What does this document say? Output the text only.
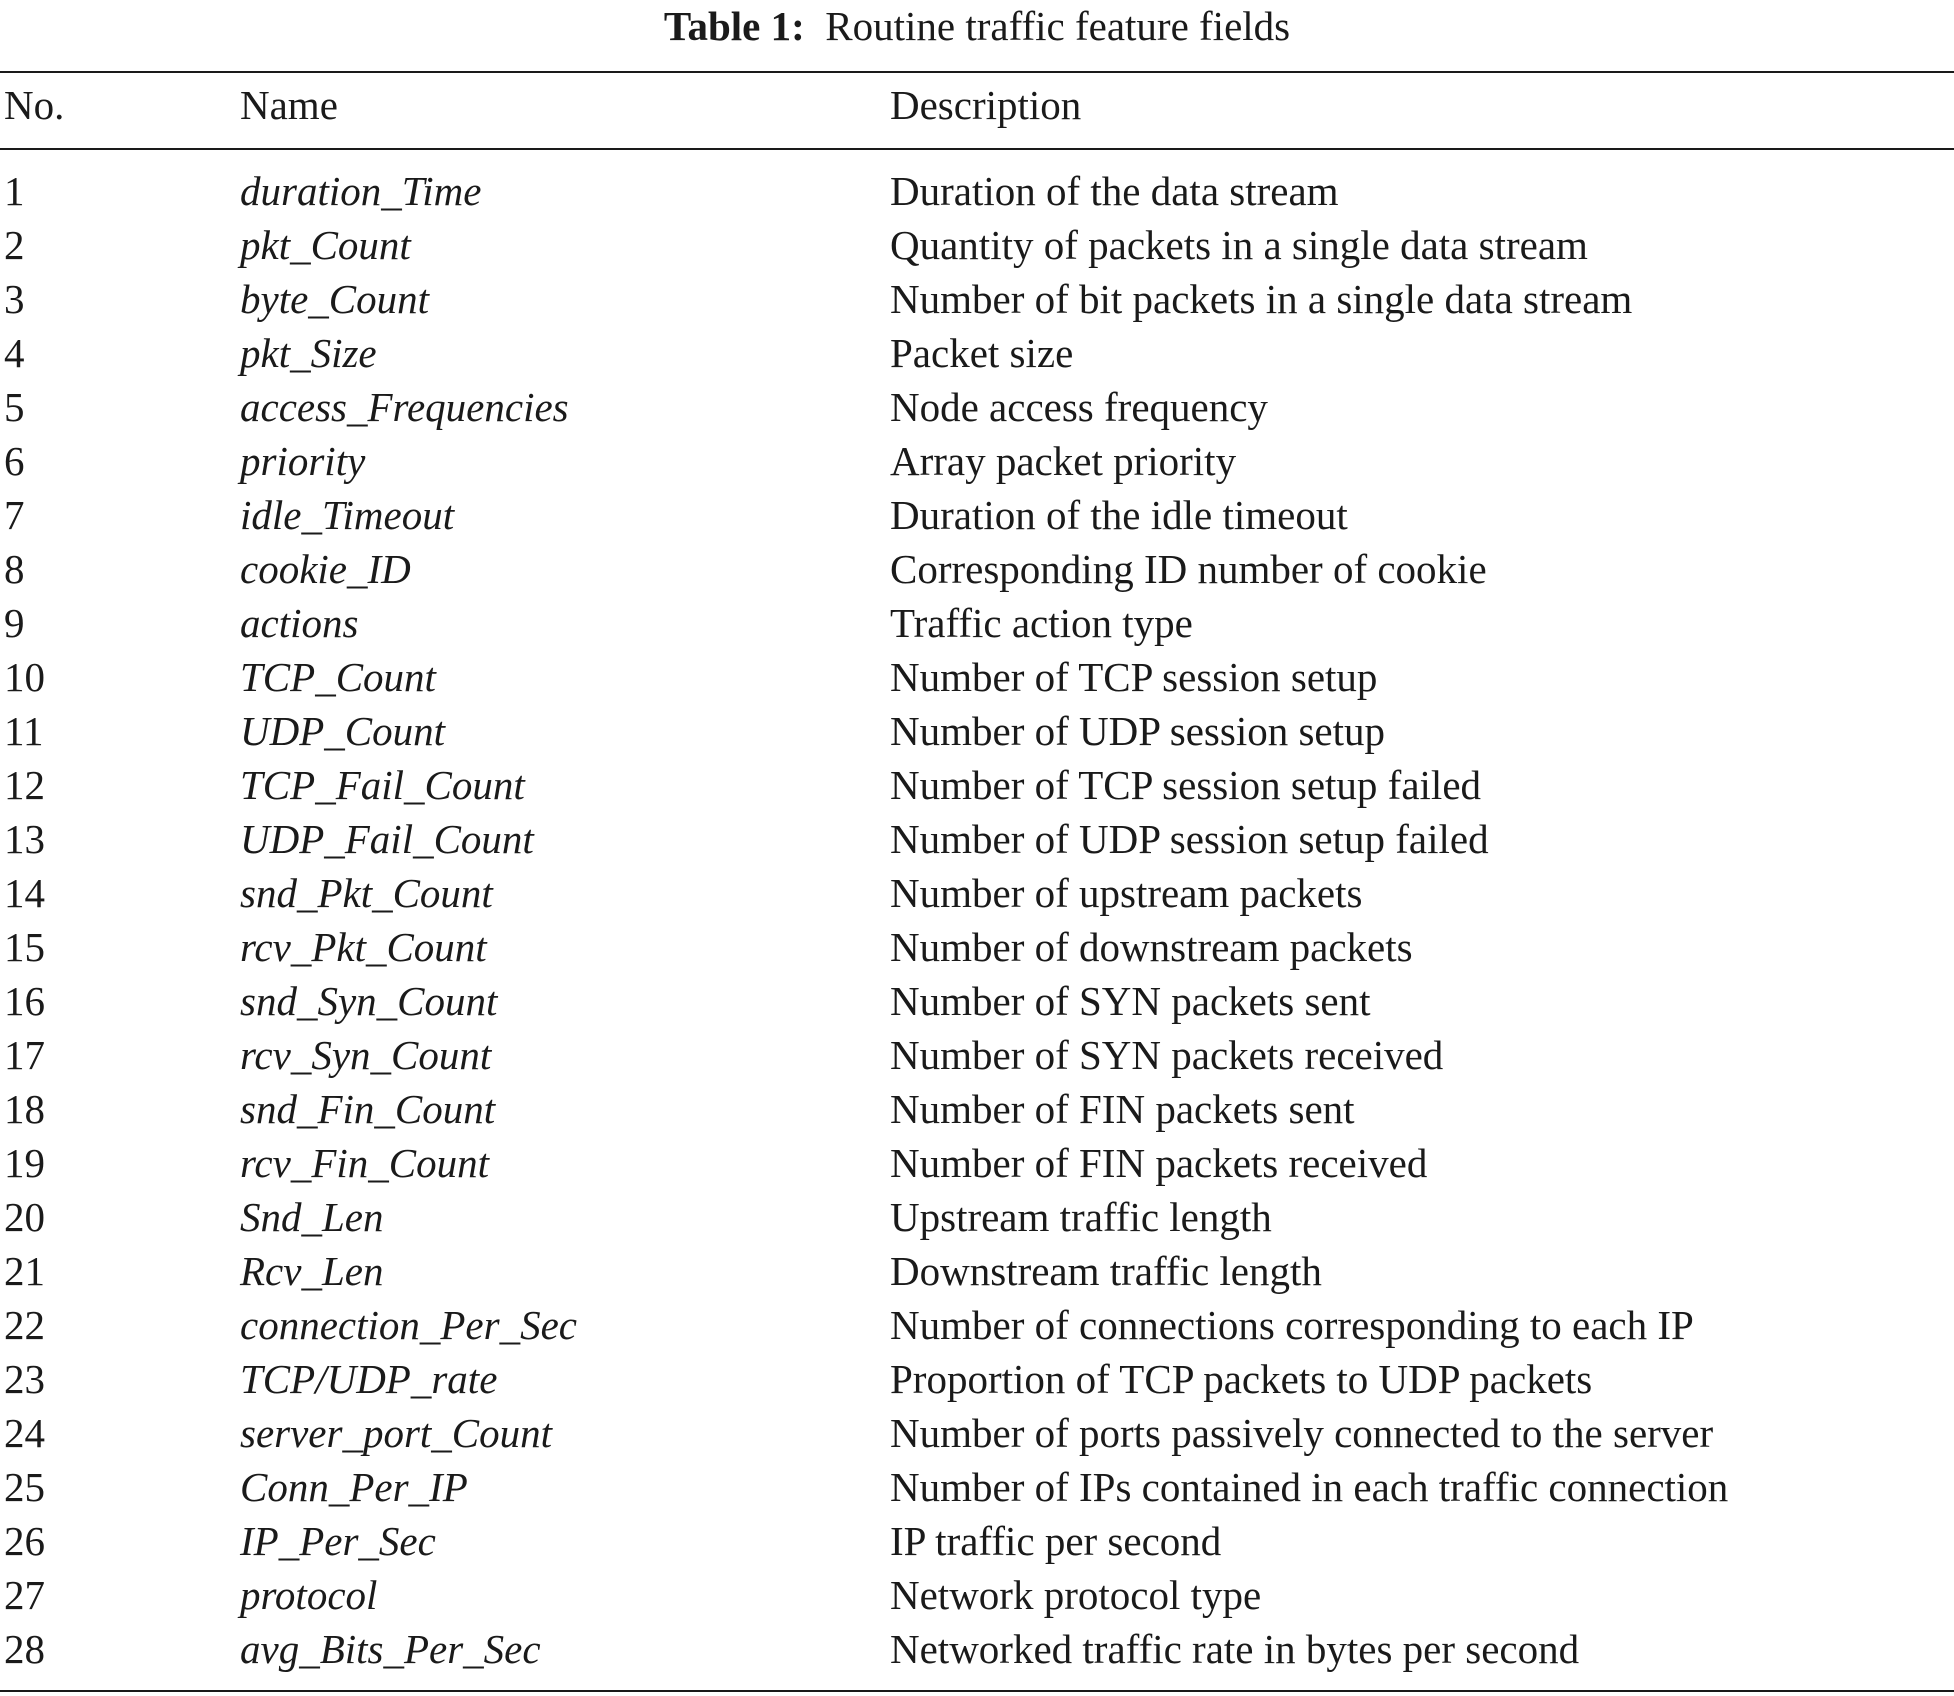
Table 1: Routine traffic feature fields
No.	Name	Description
1	duration_Time	Duration of the data stream
2	pkt_Count	Quantity of packets in a single data stream
3	byte_Count	Number of bit packets in a single data stream
4	pkt_Size	Packet size
5	access_Frequencies	Node access frequency
6	priority	Array packet priority
7	idle_Timeout	Duration of the idle timeout
8	cookie_ID	Corresponding ID number of cookie
9	actions	Traffic action type
10	TCP_Count	Number of TCP session setup
11	UDP_Count	Number of UDP session setup
12	TCP_Fail_Count	Number of TCP session setup failed
13	UDP_Fail_Count	Number of UDP session setup failed
14	snd_Pkt_Count	Number of upstream packets
15	rcv_Pkt_Count	Number of downstream packets
16	snd_Syn_Count	Number of SYN packets sent
17	rcv_Syn_Count	Number of SYN packets received
18	snd_Fin_Count	Number of FIN packets sent
19	rcv_Fin_Count	Number of FIN packets received
20	Snd_Len	Upstream traffic length
21	Rcv_Len	Downstream traffic length
22	connection_Per_Sec	Number of connections corresponding to each IP
23	TCP/UDP_rate	Proportion of TCP packets to UDP packets
24	server_port_Count	Number of ports passively connected to the server
25	Conn_Per_IP	Number of IPs contained in each traffic connection
26	IP_Per_Sec	IP traffic per second
27	protocol	Network protocol type
28	avg_Bits_Per_Sec	Networked traffic rate in bytes per second
